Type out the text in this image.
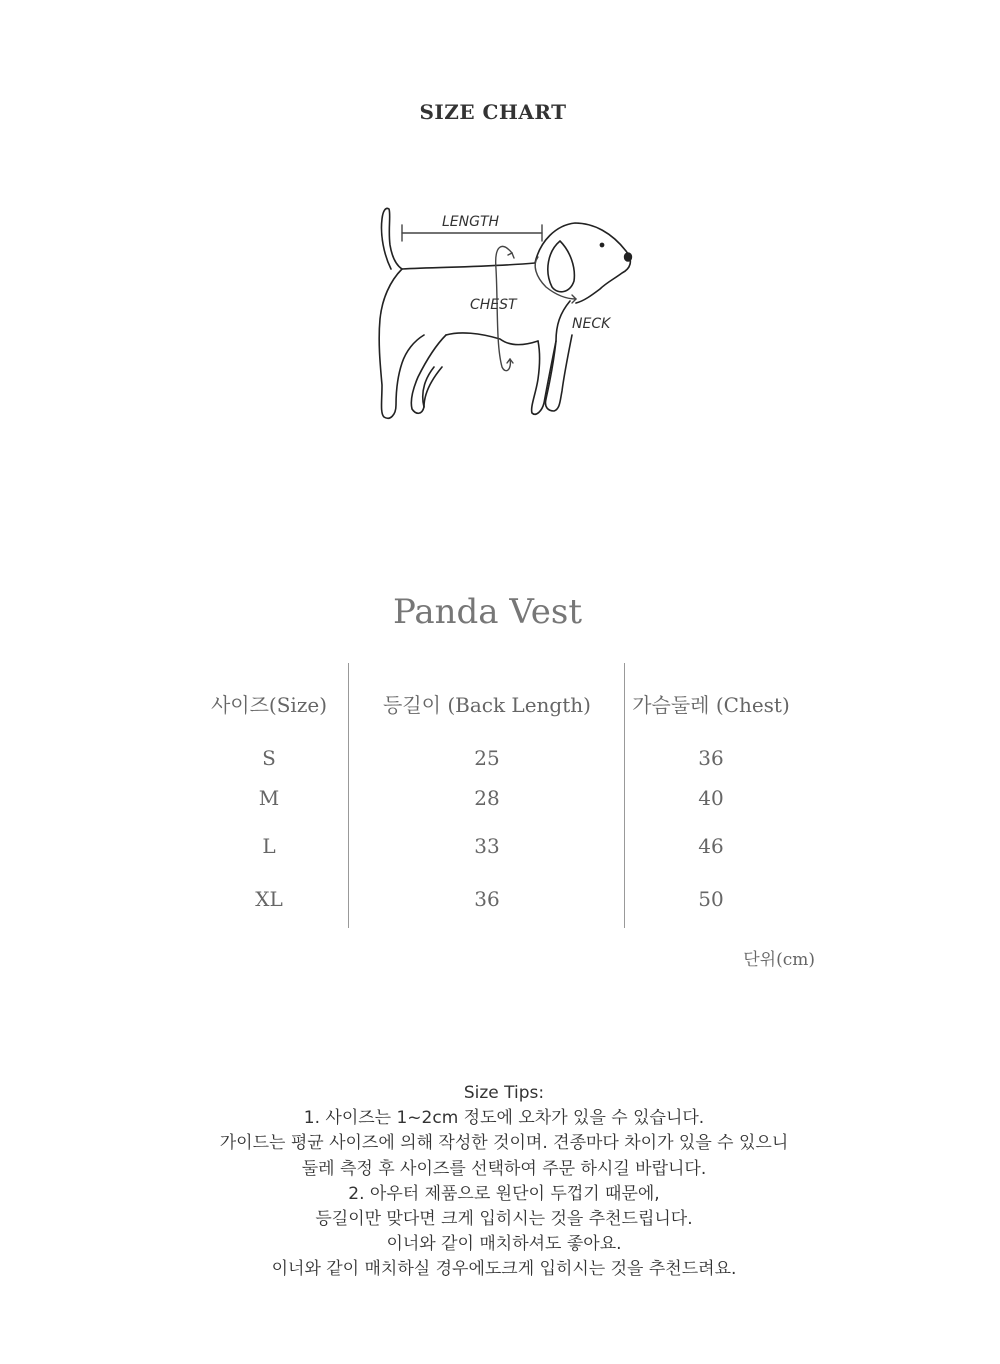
SIZE CHART
LENGTH
CHEST
NECK
Panda Vest
사이즈(Size)	등길이 (Back Length)	가슴둘레 (Chest)
S	25	36
M	28	40
L	33	46
XL	36	50
단위(cm)
Size Tips:
1. 사이즈는 1~2cm 정도에 오차가 있을 수 있습니다.
가이드는 평균 사이즈에 의해 작성한 것이며. 견종마다 차이가 있을 수 있으니
둘레 측정 후 사이즈를 선택하여 주문 하시길 바랍니다.
2. 아우터 제품으로 원단이 두껍기 때문에,
등길이만 맞다면 크게 입히시는 것을 추천드립니다.
이너와 같이 매치하셔도 좋아요.
이너와 같이 매치하실 경우에도크게 입히시는 것을 추천드려요.
